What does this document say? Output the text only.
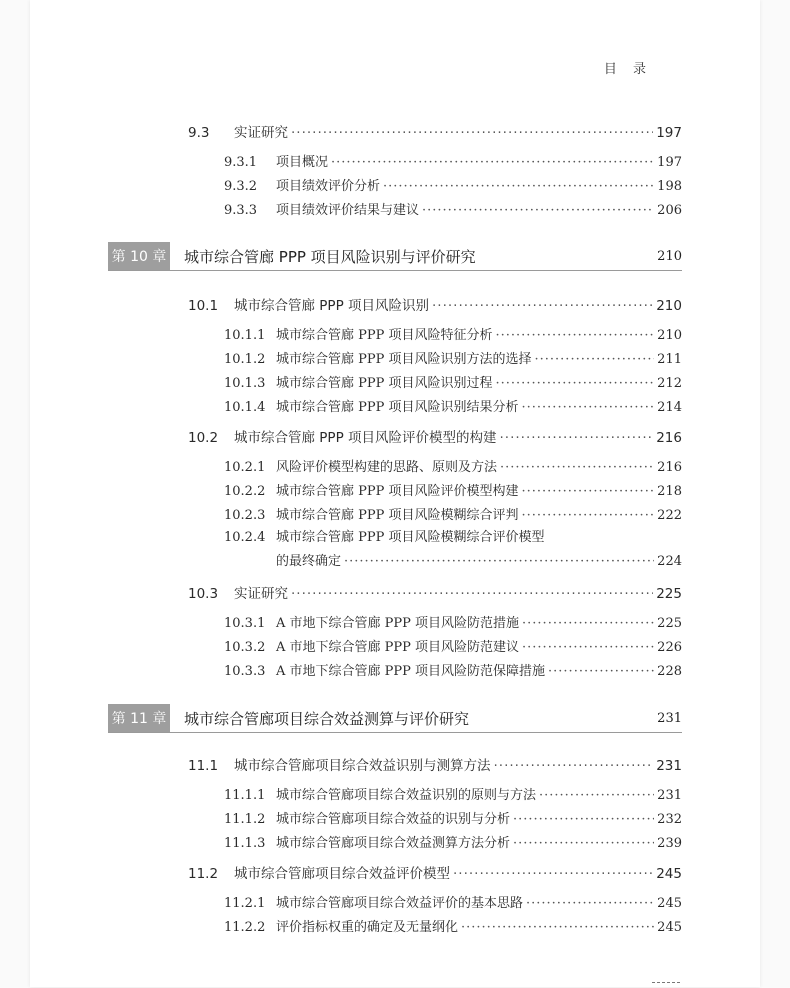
目 录
9.3	实证研究 ·····	197
9.3.1	项目概况 ·····	197
9.3.2	项目绩效评价分析 ·····	198
9.3.3	项目绩效评价结果与建议 ·····	206
第 10 章 城市综合管廊 PPP 项目风险识别与评价研究	210
10.1	城市综合管廊 PPP 项目风险识别 ·····	210
10.1.1 城市综合管廊 PPP 项目风险特征分析 ·····	210
10.1.2 城市综合管廊 PPP 项目风险识别方法的选择 ·····	211
10.1.3 城市综合管廊 PPP 项目风险识别过程 ·····	212
10.1.4 城市综合管廊 PPP 项目风险识别结果分析 ·····	214
10.2	城市综合管廊 PPP 项目风险评价模型的构建 ·····	216
10.2.1 风险评价模型构建的思路、原则及方法 ·····	216
10.2.2 城市综合管廊 PPP 项目风险评价模型构建 ·····	218
10.2.3 城市综合管廊 PPP 项目风险模糊综合评判 ·····	222
10.2.4 城市综合管廊 PPP 项目风险模糊综合评价模型
的最终确定 ·····	224
10.3	实证研究 ·····	225
10.3.1 A 市地下综合管廊 PPP 项目风险防范措施 ·····	225
10.3.2 A 市地下综合管廊 PPP 项目风险防范建议 ·····	226
10.3.3 A 市地下综合管廊 PPP 项目风险防范保障措施 ·····	228
第 11 章 城市综合管廊项目综合效益测算与评价研究	231
11.1	城市综合管廊项目综合效益识别与测算方法 ·····	231
11.1.1 城市综合管廊项目综合效益识别的原则与方法 ·····	231
11.1.2 城市综合管廊项目综合效益的识别与分析 ·····	232
11.1.3 城市综合管廊项目综合效益测算方法分析 ·····	239
11.2	城市综合管廊项目综合效益评价模型 ·····	245
11.2.1 城市综合管廊项目综合效益评价的基本思路 ·····	245
11.2.2 评价指标权重的确定及无量纲化 ·····	245
